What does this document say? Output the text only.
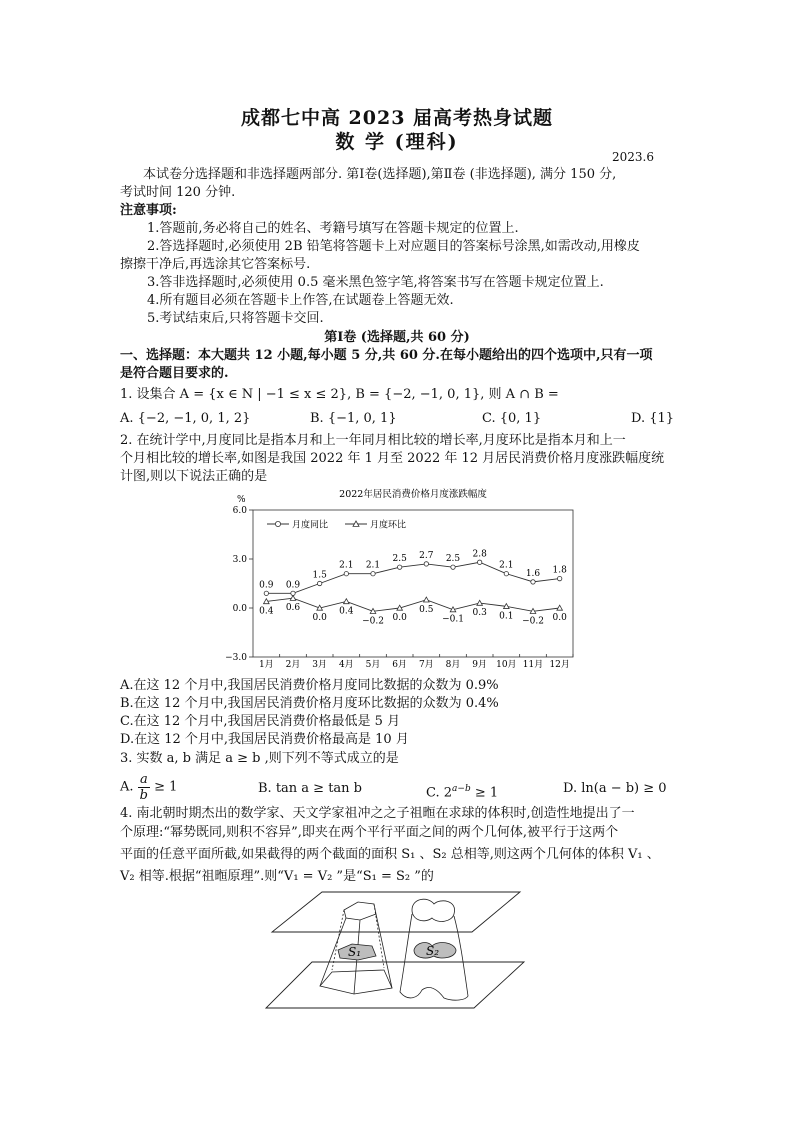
成都七中高 2023 届高考热身试题
数 学 (理科)
2023.6
本试卷分选择题和非选择题两部分. 第Ⅰ卷(选择题),第Ⅱ卷 (非选择题), 满分 150 分,
考试时间 120 分钟.
注意事项:
1.答题前,务必将自己的姓名、考籍号填写在答题卡规定的位置上.
2.答选择题时,必须使用 2B 铅笔将答题卡上对应题目的答案标号涂黑,如需改动,用橡皮
擦擦干净后,再选涂其它答案标号.
3.答非选择题时,必须使用 0.5 毫米黑色签字笔,将答案书写在答题卡规定位置上.
4.所有题目必须在答题卡上作答,在试题卷上答题无效.
5.考试结束后,只将答题卡交回.
第Ⅰ卷 (选择题,共 60 分)
一、选择题：本大题共 12 小题,每小题 5 分,共 60 分.在每小题给出的四个选项中,只有一项
是符合题目要求的.
1. 设集合 A = {x ∈ N | −1 ≤ x ≤ 2}, B = {−2, −1, 0, 1}, 则 A ∩ B =
A. {−2, −1, 0, 1, 2}	B. {−1, 0, 1}	C. {0, 1}	D. {1}
2. 在统计学中,月度同比是指本月和上一年同月相比较的增长率,月度环比是指本月和上一
个月相比较的增长率,如图是我国 2022 年 1 月至 2022 年 12 月居民消费价格月度涨跌幅度统
计图,则以下说法正确的是
2022年居民消费价格月度涨跌幅度
%
6.0
3.0
0.0
−3.0
1月 2月 3月 4月 5月 6月 7月 8月 9月 10月 11月 12月
月度同比	月度环比
0.9 0.9
1.5
2.1 2.1
2.5 2.7 2.5 2.8
2.1
1.6 1.8
0.4 0.6
0.0
0.4
−0.2 0.0
0.5
−0.1
0.3 0.1 −0.2 0.0
A.在这 12 个月中,我国居民消费价格月度同比数据的众数为 0.9%
B.在这 12 个月中,我国居民消费价格月度环比数据的众数为 0.4%
C.在这 12 个月中,我国居民消费价格最低是 5 月
D.在这 12 个月中,我国居民消费价格最高是 10 月
3. 实数 a, b 满足 a ≥ b ,则下列不等式成立的是
A. $\frac{a}{b} \ge 1$	B. tan a ≥ tan b	C. $2^{a-b} \ge 1$	D. ln(a − b) ≥ 0
4. 南北朝时期杰出的数学家、天文学家祖冲之之子祖暅在求球的体积时,创造性地提出了一
个原理:“幂势既同,则积不容异”,即夹在两个平行平面之间的两个几何体,被平行于这两个
平面的任意平面所截,如果截得的两个截面的面积 S₁ 、S₂ 总相等,则这两个几何体的体积 V₁ 、
V₂ 相等.根据“祖暅原理”.则“V₁ = V₂ ”是“S₁ = S₂ ”的
S₁	S₂
